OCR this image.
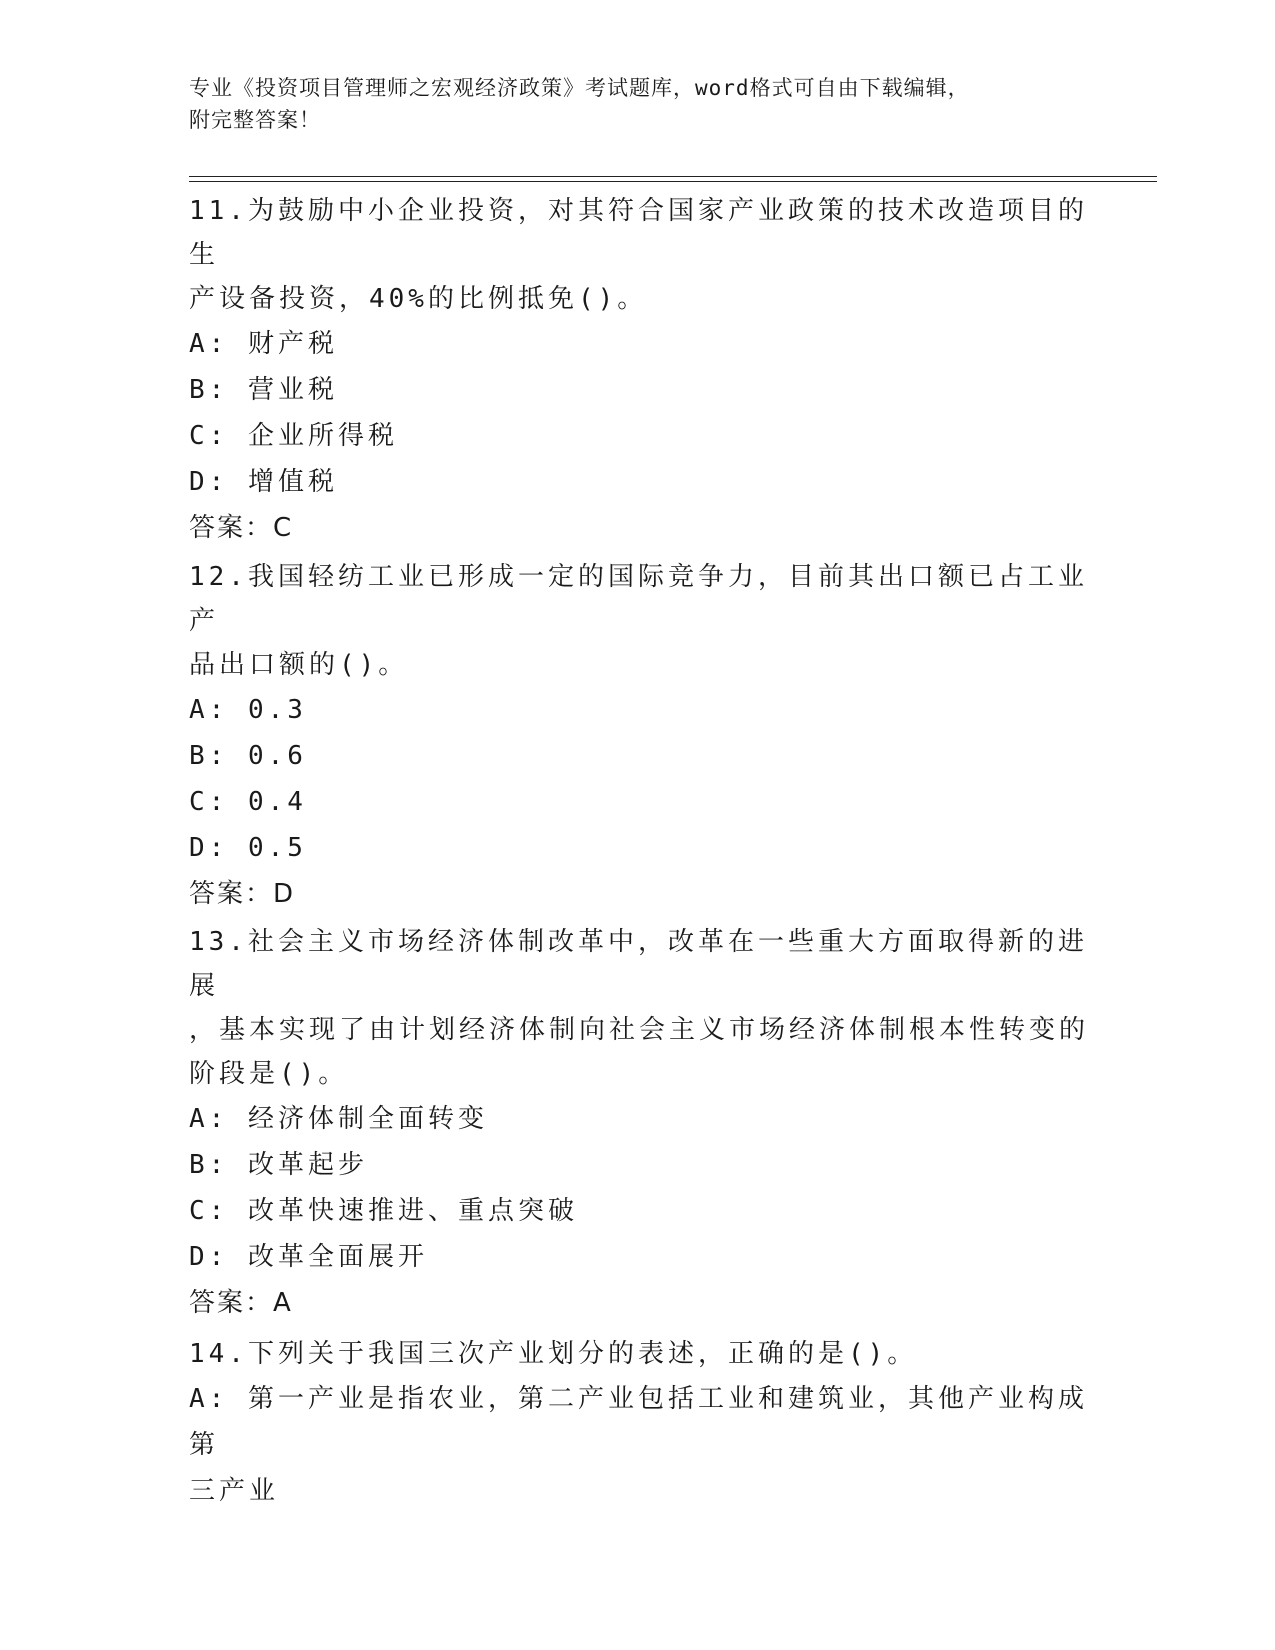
专业《投资项目管理师之宏观经济政策》考试题库，word格式可自由下载编辑，
附完整答案！
11.为鼓励中小企业投资，对其符合国家产业政策的技术改造项目的生
产设备投资，40%的比例抵免()。
A: 财产税
B: 营业税
C: 企业所得税
D: 增值税
答案：C
12.我国轻纺工业已形成一定的国际竞争力，目前其出口额已占工业产
品出口额的()。
A: 0.3
B: 0.6
C: 0.4
D: 0.5
答案：D
13.社会主义市场经济体制改革中，改革在一些重大方面取得新的进展
，基本实现了由计划经济体制向社会主义市场经济体制根本性转变的
阶段是()。
A: 经济体制全面转变
B: 改革起步
C: 改革快速推进、重点突破
D: 改革全面展开
答案：A
14.下列关于我国三次产业划分的表述，正确的是()。
A: 第一产业是指农业，第二产业包括工业和建筑业，其他产业构成第
三产业
